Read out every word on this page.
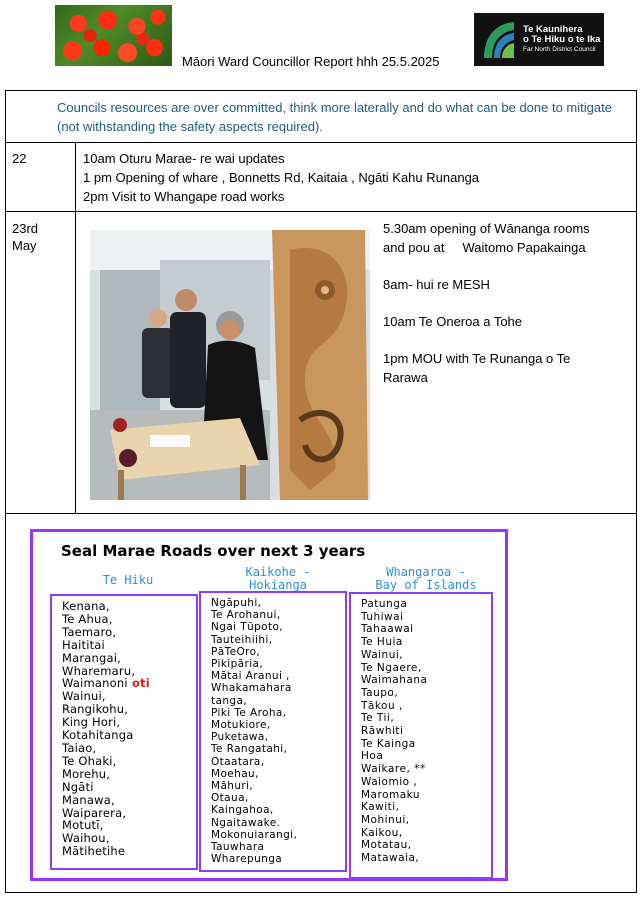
Māori Ward Councillor Report hhh 25.5.2025
Te Kaunihera
o Te Hiku o te Ika
Far North District Council
Councils resources are over committed, think more laterally and do what can be done to mitigate (not withstanding the safety aspects required).
22	10am Oturu Marae- re wai updates
1 pm Opening of whare , Bonnetts Rd, Kaitaia , Ngāti Kahu Runanga
2pm Visit to Whangape road works
23rd
May
5.30am opening of Wānanga rooms
and pou at     Waitomo Papakainga
8am- hui re MESH
10am Te Oneroa a Tohe
1pm MOU with Te Runanga o Te
Rarawa
Seal Marae Roads over next 3 years
Te Hiku
Kaikohe -
Hokianga
Whangaroa -
Bay of Islands
Kenana,
Te Ahua,
Taemaro,
Haititai
Marangai,
Wharemaru,
Waimanoni oti
Wainui,
Rangikohu,
King Hori,
Kotahitanga
Taiao,
Te Ohaki,
Morehu,
Ngāti
Manawa,
Waiparera,
Motutī,
Waihou,
Mātihetihe
Ngāpuhi,
Te Arohanui,
Ngai Tūpoto,
Tauteihiihi,
PāTeOro,
Pikipāria,
Mātai Aranui ,
Whakamahara
tanga,
Piki Te Aroha,
Motukiore,
Puketawa,
Te Rangatahi,
Otaatara,
Moehau,
Māhuri,
Otaua,
Kaingahoa,
Ngaitawake.
Mokonuiarangi,
Tauwhara
Wharepunga
Patunga
Tuhiwai
Tahaawai
Te Huia
Wainui,
Te Ngaere,
Waimahana
Taupo,
Tākou ,
Te Tii,
Rāwhiti
Te Kainga
Hoa
Waikare, **
Waiomio ,
Maromaku
Kawiti,
Mohinui,
Kaikou,
Motatau,
Matawaia,
